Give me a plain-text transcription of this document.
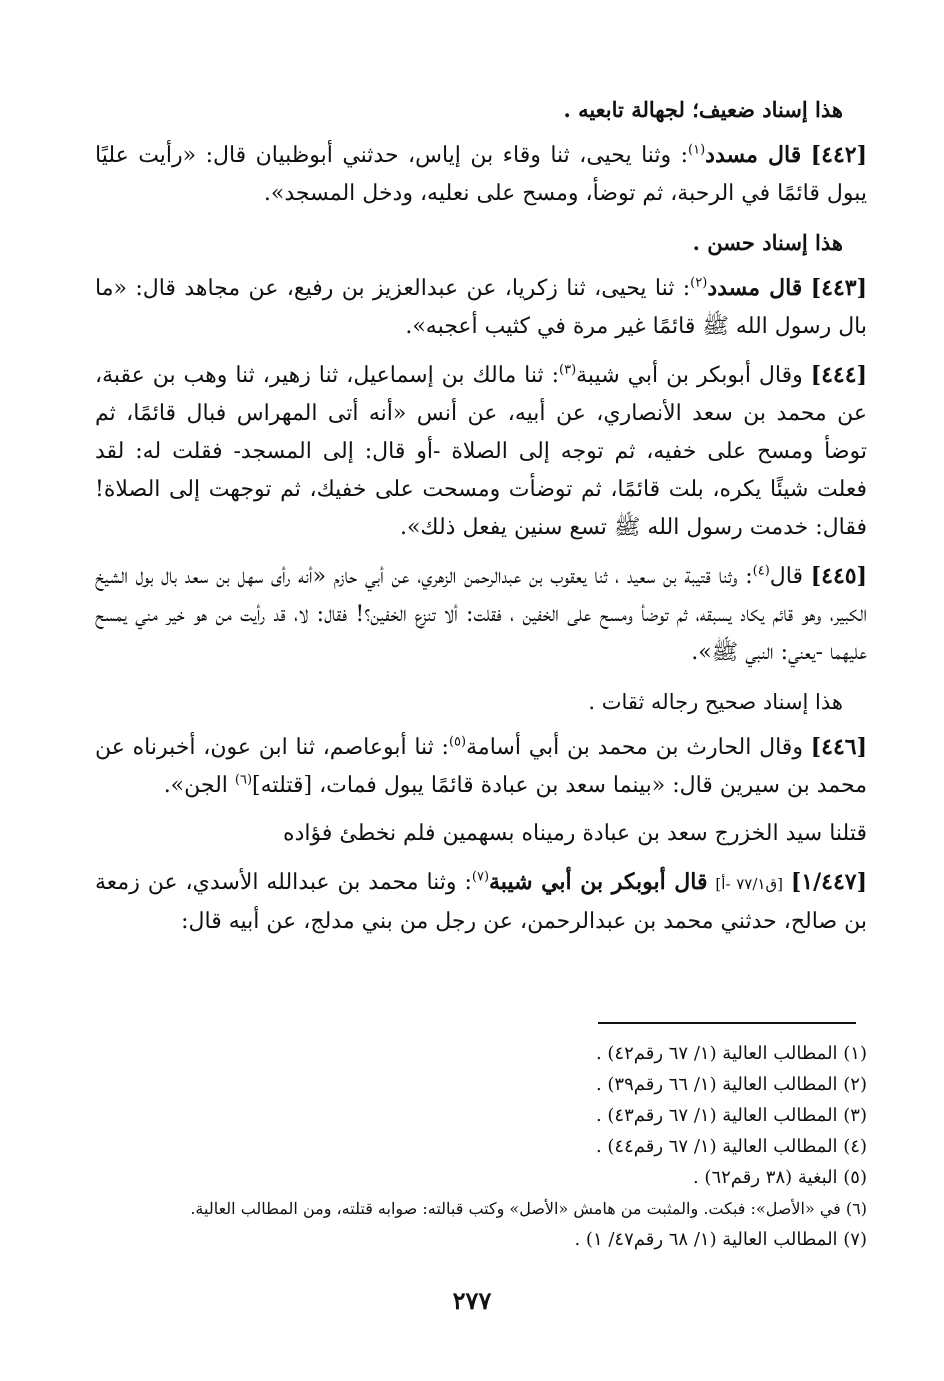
هذا إسناد ضعيف؛ لجهالة تابعيه .

[٤٤٢] قال مسدد$^{(١)}$: وثنا يحيى، ثنا وقاء بن إياس، حدثني أبوظبيان قال: «رأيت عليًا يبول قائمًا في الرحبة، ثم توضأ، ومسح على نعليه، ودخل المسجد».

هذا إسناد حسن .

[٤٤٣] قال مسدد$^{(٢)}$: ثنا يحيى، ثنا زكريا، عن عبدالعزيز بن رفيع، عن مجاهد قال: «ما بال رسول الله ﷺ قائمًا غير مرة في كثيب أعجبه».

[٤٤٤] وقال أبوبكر بن أبي شيبة$^{(٣)}$: ثنا مالك بن إسماعيل، ثنا زهير، ثنا وهب بن عقبة، عن محمد بن سعد الأنصاري، عن أبيه، عن أنس «أنه أتى المهراس فبال قائمًا، ثم توضأ ومسح على خفيه، ثم توجه إلى الصلاة -أو قال: إلى المسجد- فقلت له: لقد فعلت شيئًا يكره، بلت قائمًا، ثم توضأت ومسحت على خفيك، ثم توجهت إلى الصلاة! فقال: خدمت رسول الله ﷺ تسع سنين يفعل ذلك».

[٤٤٥] قال$^{(٤)}$: وثنا قتيبة بن سعيد ، ثنا يعقوب بن عبدالرحمن الزهري، عن أبي حازم «أنه رأى سهل بن سعد بال بول الشيخ الكبير، وهو قائم يكاد يسبقه، ثم توضأ ومسح على الخفين ، فقلت: ألا تنزع الخفين؟! فقال: لا، قد رأيت من هو خير مني يمسح عليهما -يعني: النبي ﷺ».

هذا إسناد صحيح رجاله ثقات .

[٤٤٦] وقال الحارث بن محمد بن أبي أسامة$^{(٥)}$: ثنا أبوعاصم، ثنا ابن عون، أخبرناه عن محمد بن سيرين قال: «بينما سعد بن عبادة قائمًا يبول فمات، [قتلته]$^{(٦)}$ الجن».

قتلنا سيد الخزرج سعد بن عبادة رميناه بسهمين فلم نخطئ فؤاده

[١/٤٤٧] [ق٧٧/١ -أ] قال أبوبكر بن أبي شيبة$^{(٧)}$: وثنا محمد بن عبدالله الأسدي، عن زمعة بن صالح، حدثني محمد بن عبدالرحمن، عن رجل من بني مدلج، عن أبيه قال:

(١) المطالب العالية (١/ ٦٧ رقم٤٢) .
(٢) المطالب العالية (١/ ٦٦ رقم٣٩) .
(٣) المطالب العالية (١/ ٦٧ رقم٤٣) .
(٤) المطالب العالية (١/ ٦٧ رقم٤٤) .
(٥) البغية (٣٨ رقم٦٢) .
(٦) في «الأصل»: فبكت. والمثبت من هامش «الأصل» وكتب قبالته: صوابه قتلته، ومن المطالب العالية.
(٧) المطالب العالية (١/ ٦٨ رقم٤٧/ ١) .
٢٧٧
